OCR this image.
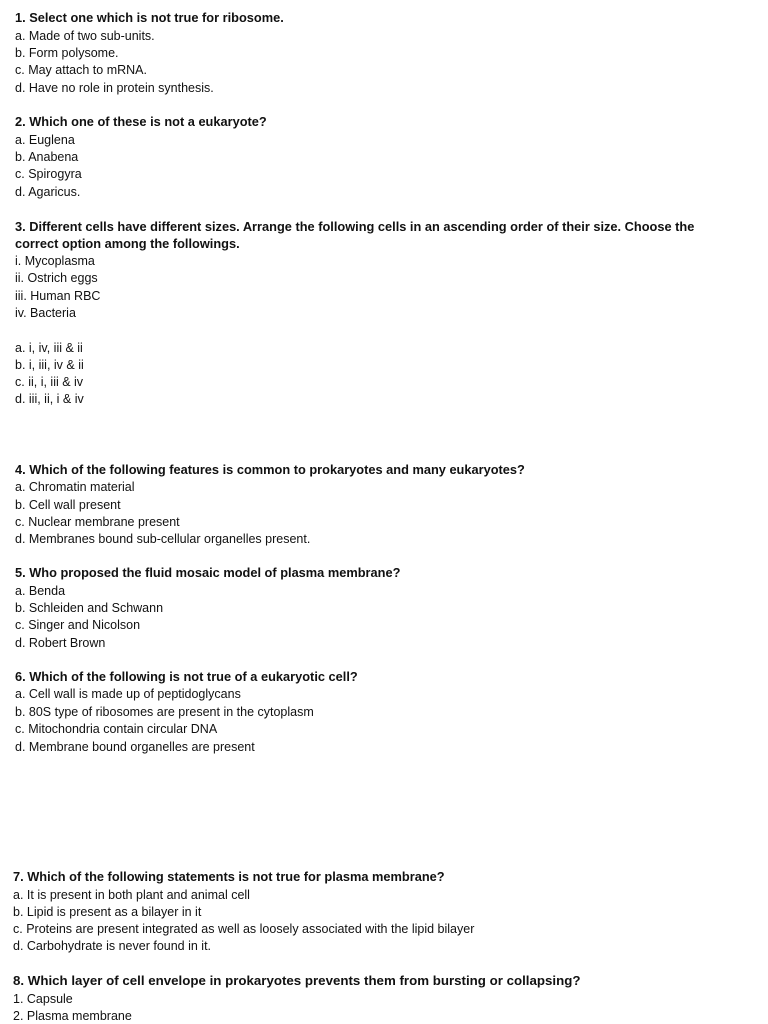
1. Select one which is not true for ribosome.
a. Made of two sub-units.
b. Form polysome.
c. May attach to mRNA.
d. Have no role in protein synthesis.
2. Which one of these is not a eukaryote?
a. Euglena
b. Anabena
c. Spirogyra
d. Agaricus.
3. Different cells have different sizes. Arrange the following cells in an ascending order of their size. Choose the correct option among the followings.
i. Mycoplasma
ii. Ostrich eggs
iii. Human RBC
iv. Bacteria
a. i, iv, iii & ii
b. i, iii, iv & ii
c. ii, i, iii & iv
d. iii, ii, i & iv
4. Which of the following features is common to prokaryotes and many eukaryotes?
a. Chromatin material
b. Cell wall present
c. Nuclear membrane present
d. Membranes bound sub-cellular organelles present.
5. Who proposed the fluid mosaic model of plasma membrane?
a. Benda
b. Schleiden and Schwann
c. Singer and Nicolson
d. Robert Brown
6. Which of the following is not true of a eukaryotic cell?
a. Cell wall is made up of peptidoglycans
b. 80S type of ribosomes are present in the cytoplasm
c. Mitochondria contain circular DNA
d. Membrane bound organelles are present
7. Which of the following statements is not true for plasma membrane?
a. It is present in both plant and animal cell
b. Lipid is present as a bilayer in it
c. Proteins are present integrated as well as loosely associated with the lipid bilayer
d. Carbohydrate is never found in it.
8. Which layer of cell envelope in prokaryotes prevents them from bursting or collapsing?
1. Capsule
2. Plasma membrane
